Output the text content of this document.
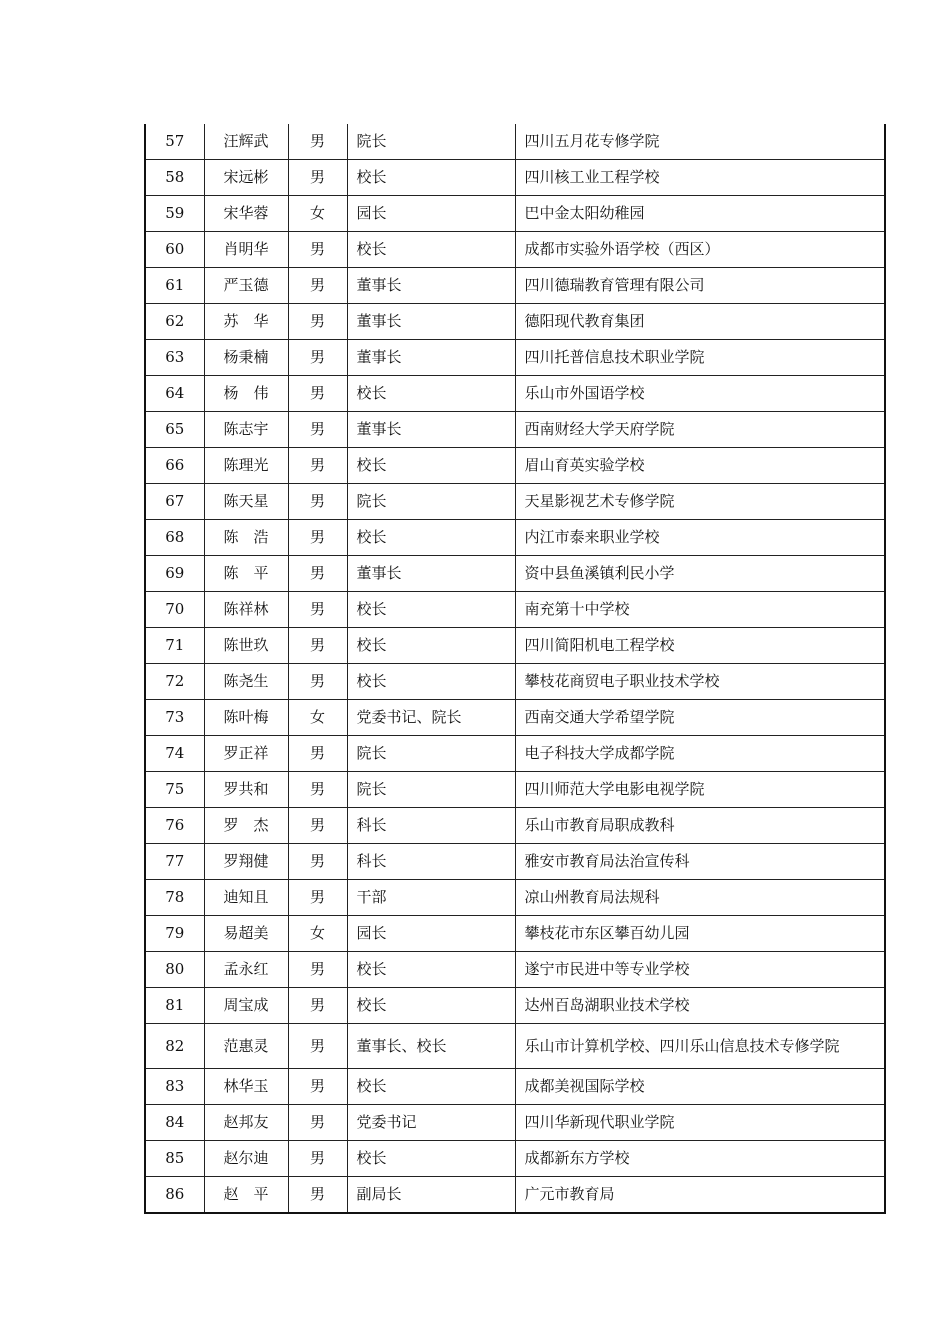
57	汪辉武	男	院长	四川五月花专修学院
58	宋远彬	男	校长	四川核工业工程学校
59	宋华蓉	女	园长	巴中金太阳幼稚园
60	肖明华	男	校长	成都市实验外语学校（西区）
61	严玉德	男	董事长	四川德瑞教育管理有限公司
62	苏　华	男	董事长	德阳现代教育集团
63	杨秉楠	男	董事长	四川托普信息技术职业学院
64	杨　伟	男	校长	乐山市外国语学校
65	陈志宇	男	董事长	西南财经大学天府学院
66	陈理光	男	校长	眉山育英实验学校
67	陈天星	男	院长	天星影视艺术专修学院
68	陈　浩	男	校长	内江市泰来职业学校
69	陈　平	男	董事长	资中县鱼溪镇利民小学
70	陈祥林	男	校长	南充第十中学校
71	陈世玖	男	校长	四川简阳机电工程学校
72	陈尧生	男	校长	攀枝花商贸电子职业技术学校
73	陈叶梅	女	党委书记、院长	西南交通大学希望学院
74	罗正祥	男	院长	电子科技大学成都学院
75	罗共和	男	院长	四川师范大学电影电视学院
76	罗　杰	男	科长	乐山市教育局职成教科
77	罗翔健	男	科长	雅安市教育局法治宣传科
78	迪知且	男	干部	凉山州教育局法规科
79	易超美	女	园长	攀枝花市东区攀百幼儿园
80	孟永红	男	校长	遂宁市民进中等专业学校
81	周宝成	男	校长	达州百岛湖职业技术学校
82	范惠灵	男	董事长、校长	乐山市计算机学校、四川乐山信息技术专修学院
83	林华玉	男	校长	成都美视国际学校
84	赵邦友	男	党委书记	四川华新现代职业学院
85	赵尔迪	男	校长	成都新东方学校
86	赵　平	男	副局长	广元市教育局
